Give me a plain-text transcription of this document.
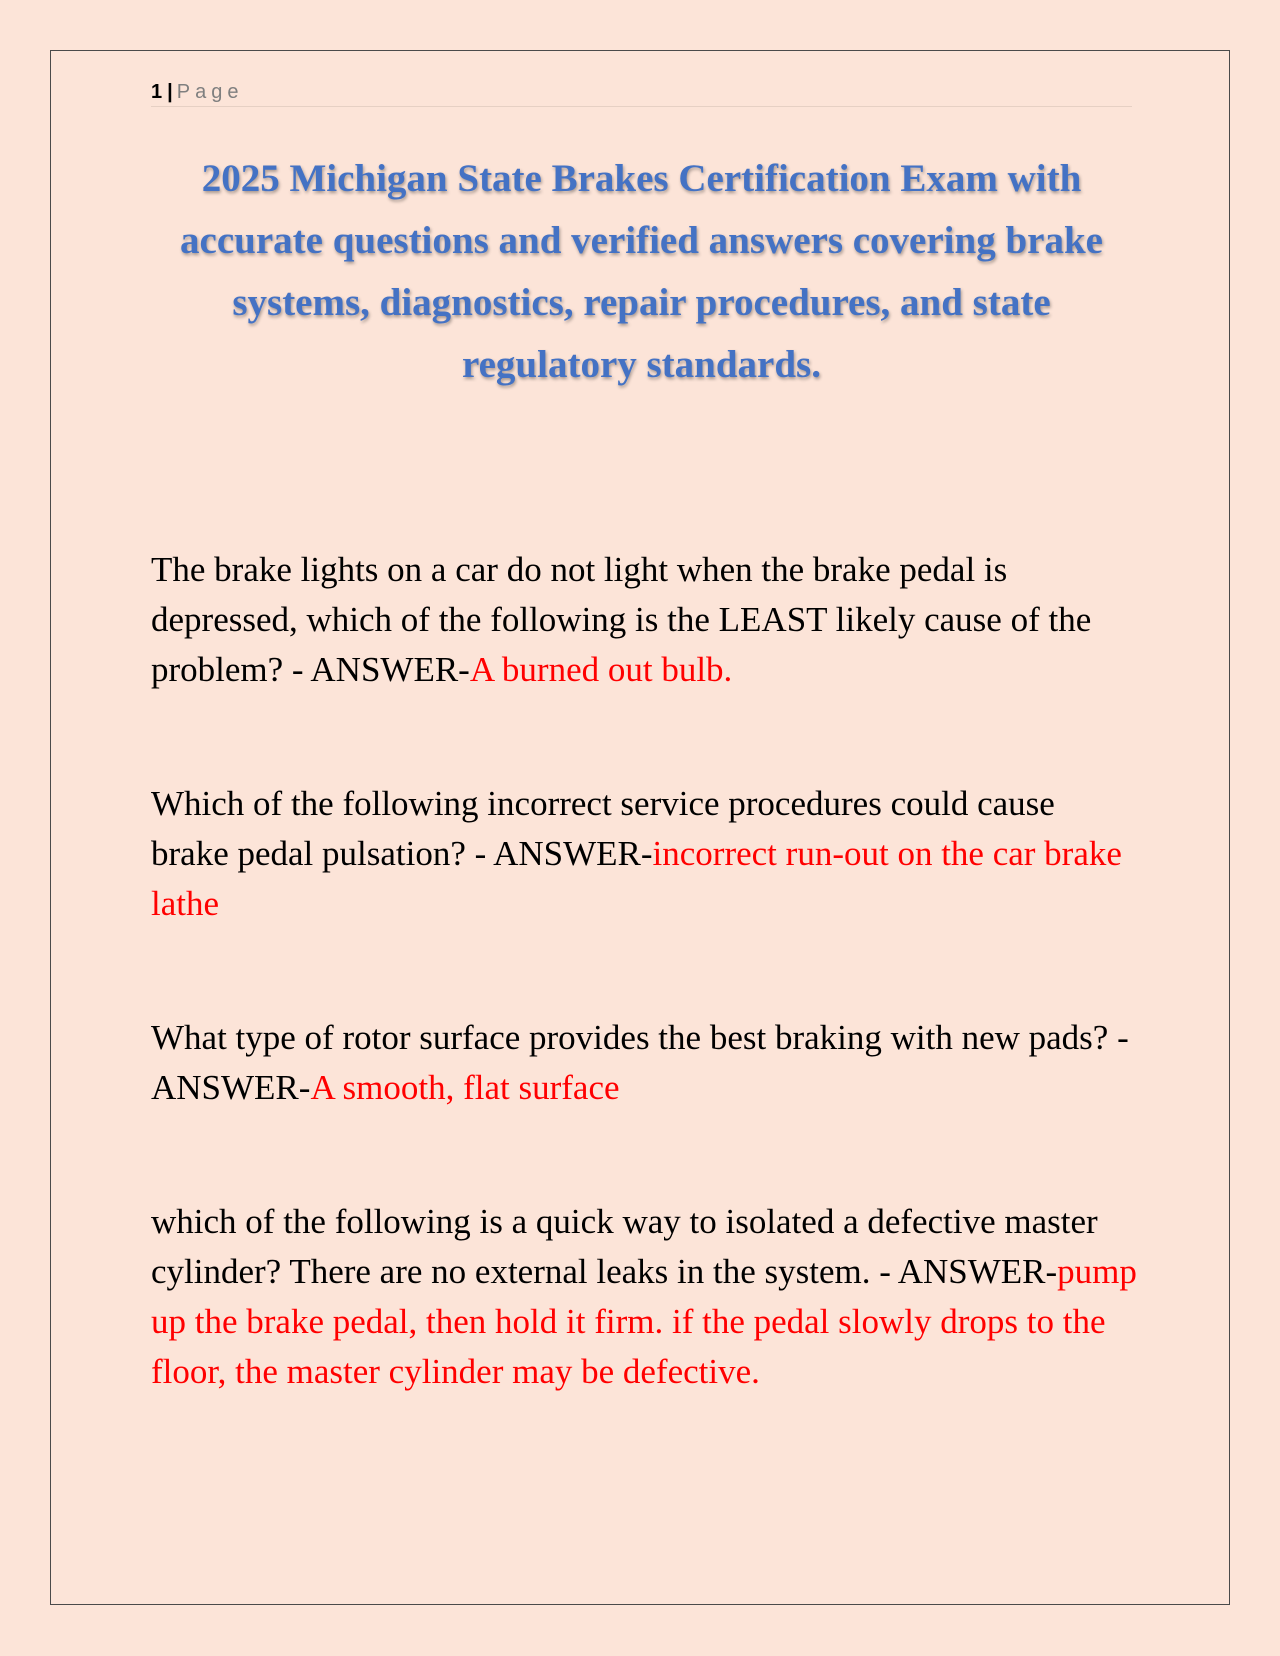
1 | Page
2025 Michigan State Brakes Certification Exam with accurate questions and verified answers covering brake systems, diagnostics, repair procedures, and state regulatory standards.

The brake lights on a car do not light when the brake pedal is depressed, which of the following is the LEAST likely cause of the problem? - ANSWER-A burned out bulb.

Which of the following incorrect service procedures could cause brake pedal pulsation? - ANSWER-incorrect run-out on the car brake lathe

What type of rotor surface provides the best braking with new pads? - ANSWER-A smooth, flat surface

which of the following is a quick way to isolated a defective master cylinder? There are no external leaks in the system. - ANSWER-pump up the brake pedal, then hold it firm. if the pedal slowly drops to the floor, the master cylinder may be defective.
